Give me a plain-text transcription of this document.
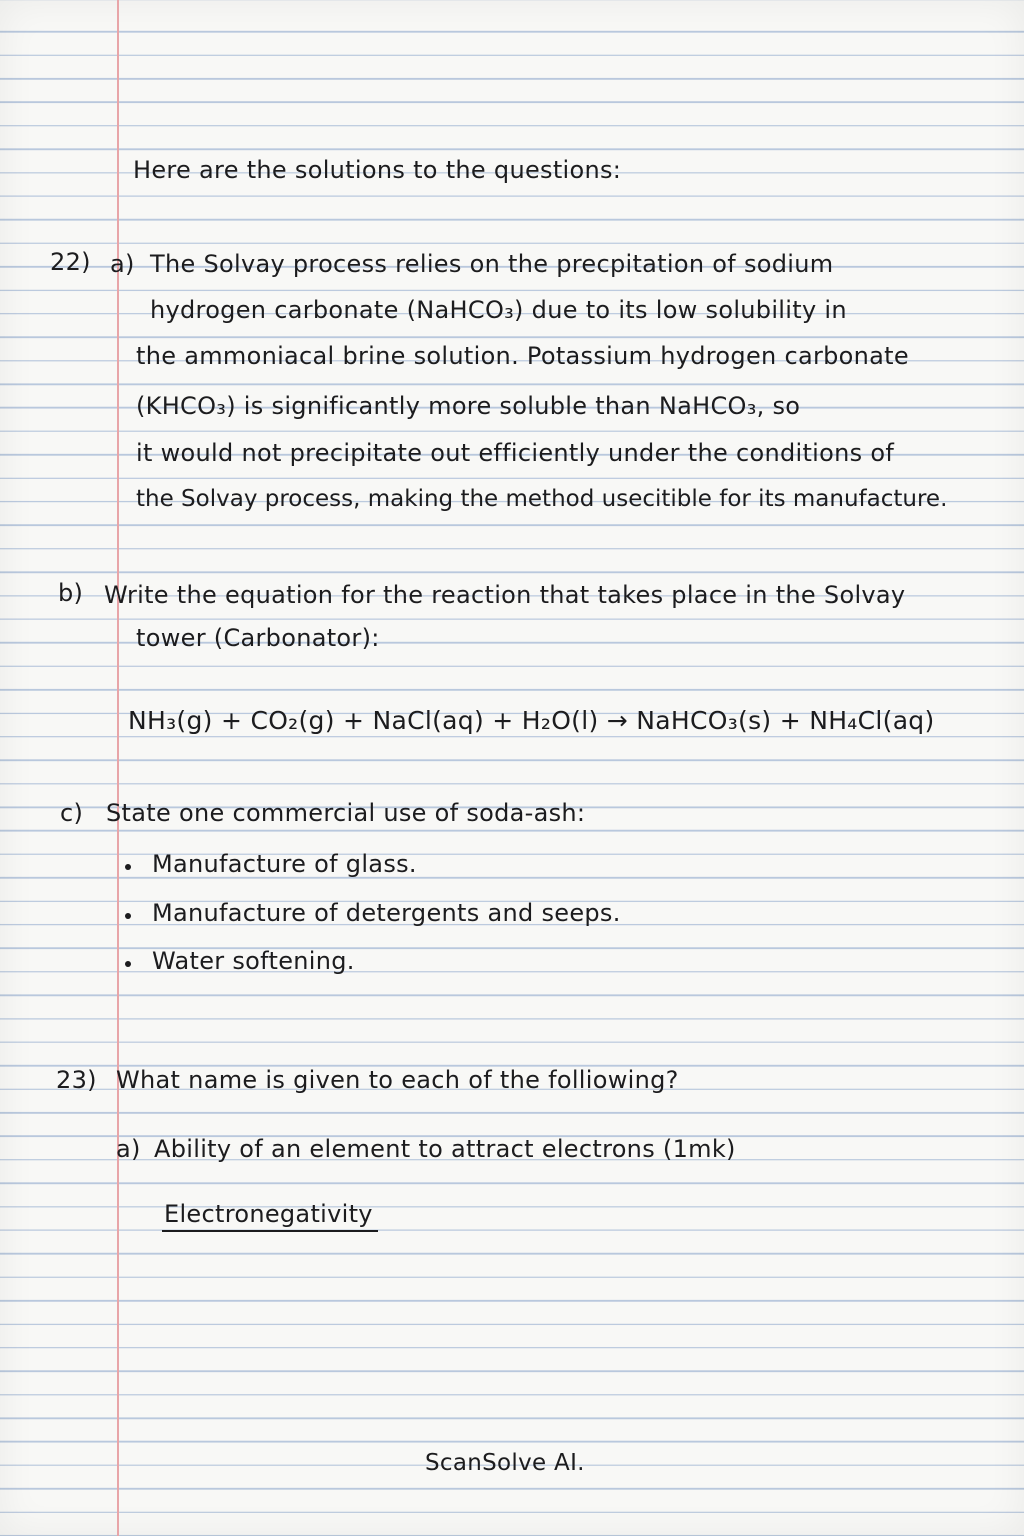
Here are the solutions to the questions:
22) a) The Solvay process relies on the precpitation of sodium
hydrogen carbonate (NaHCO₃) due to its low solubility in
the ammoniacal brine solution. Potassium hydrogen carbonate
(KHCO₃) is significantly more soluble than NaHCO₃, so
it would not precipitate out efficiently under the conditions of
the Solvay process, making the method usecitible for its manufacture.
b) Write the equation for the reaction that takes place in the Solvay
tower (Carbonator):
NH₃(g) + CO₂(g) + NaCl(aq) + H₂O(l) → NaHCO₃(s) + NH₄Cl(aq)
c) State one commercial use of soda-ash:
Manufacture of glass.
Manufacture of detergents and seeps.
Water softening.
23) What name is given to each of the folliowing?
a) Ability of an element to attract electrons (1mk)
Electronegativity
ScanSolve AI.
